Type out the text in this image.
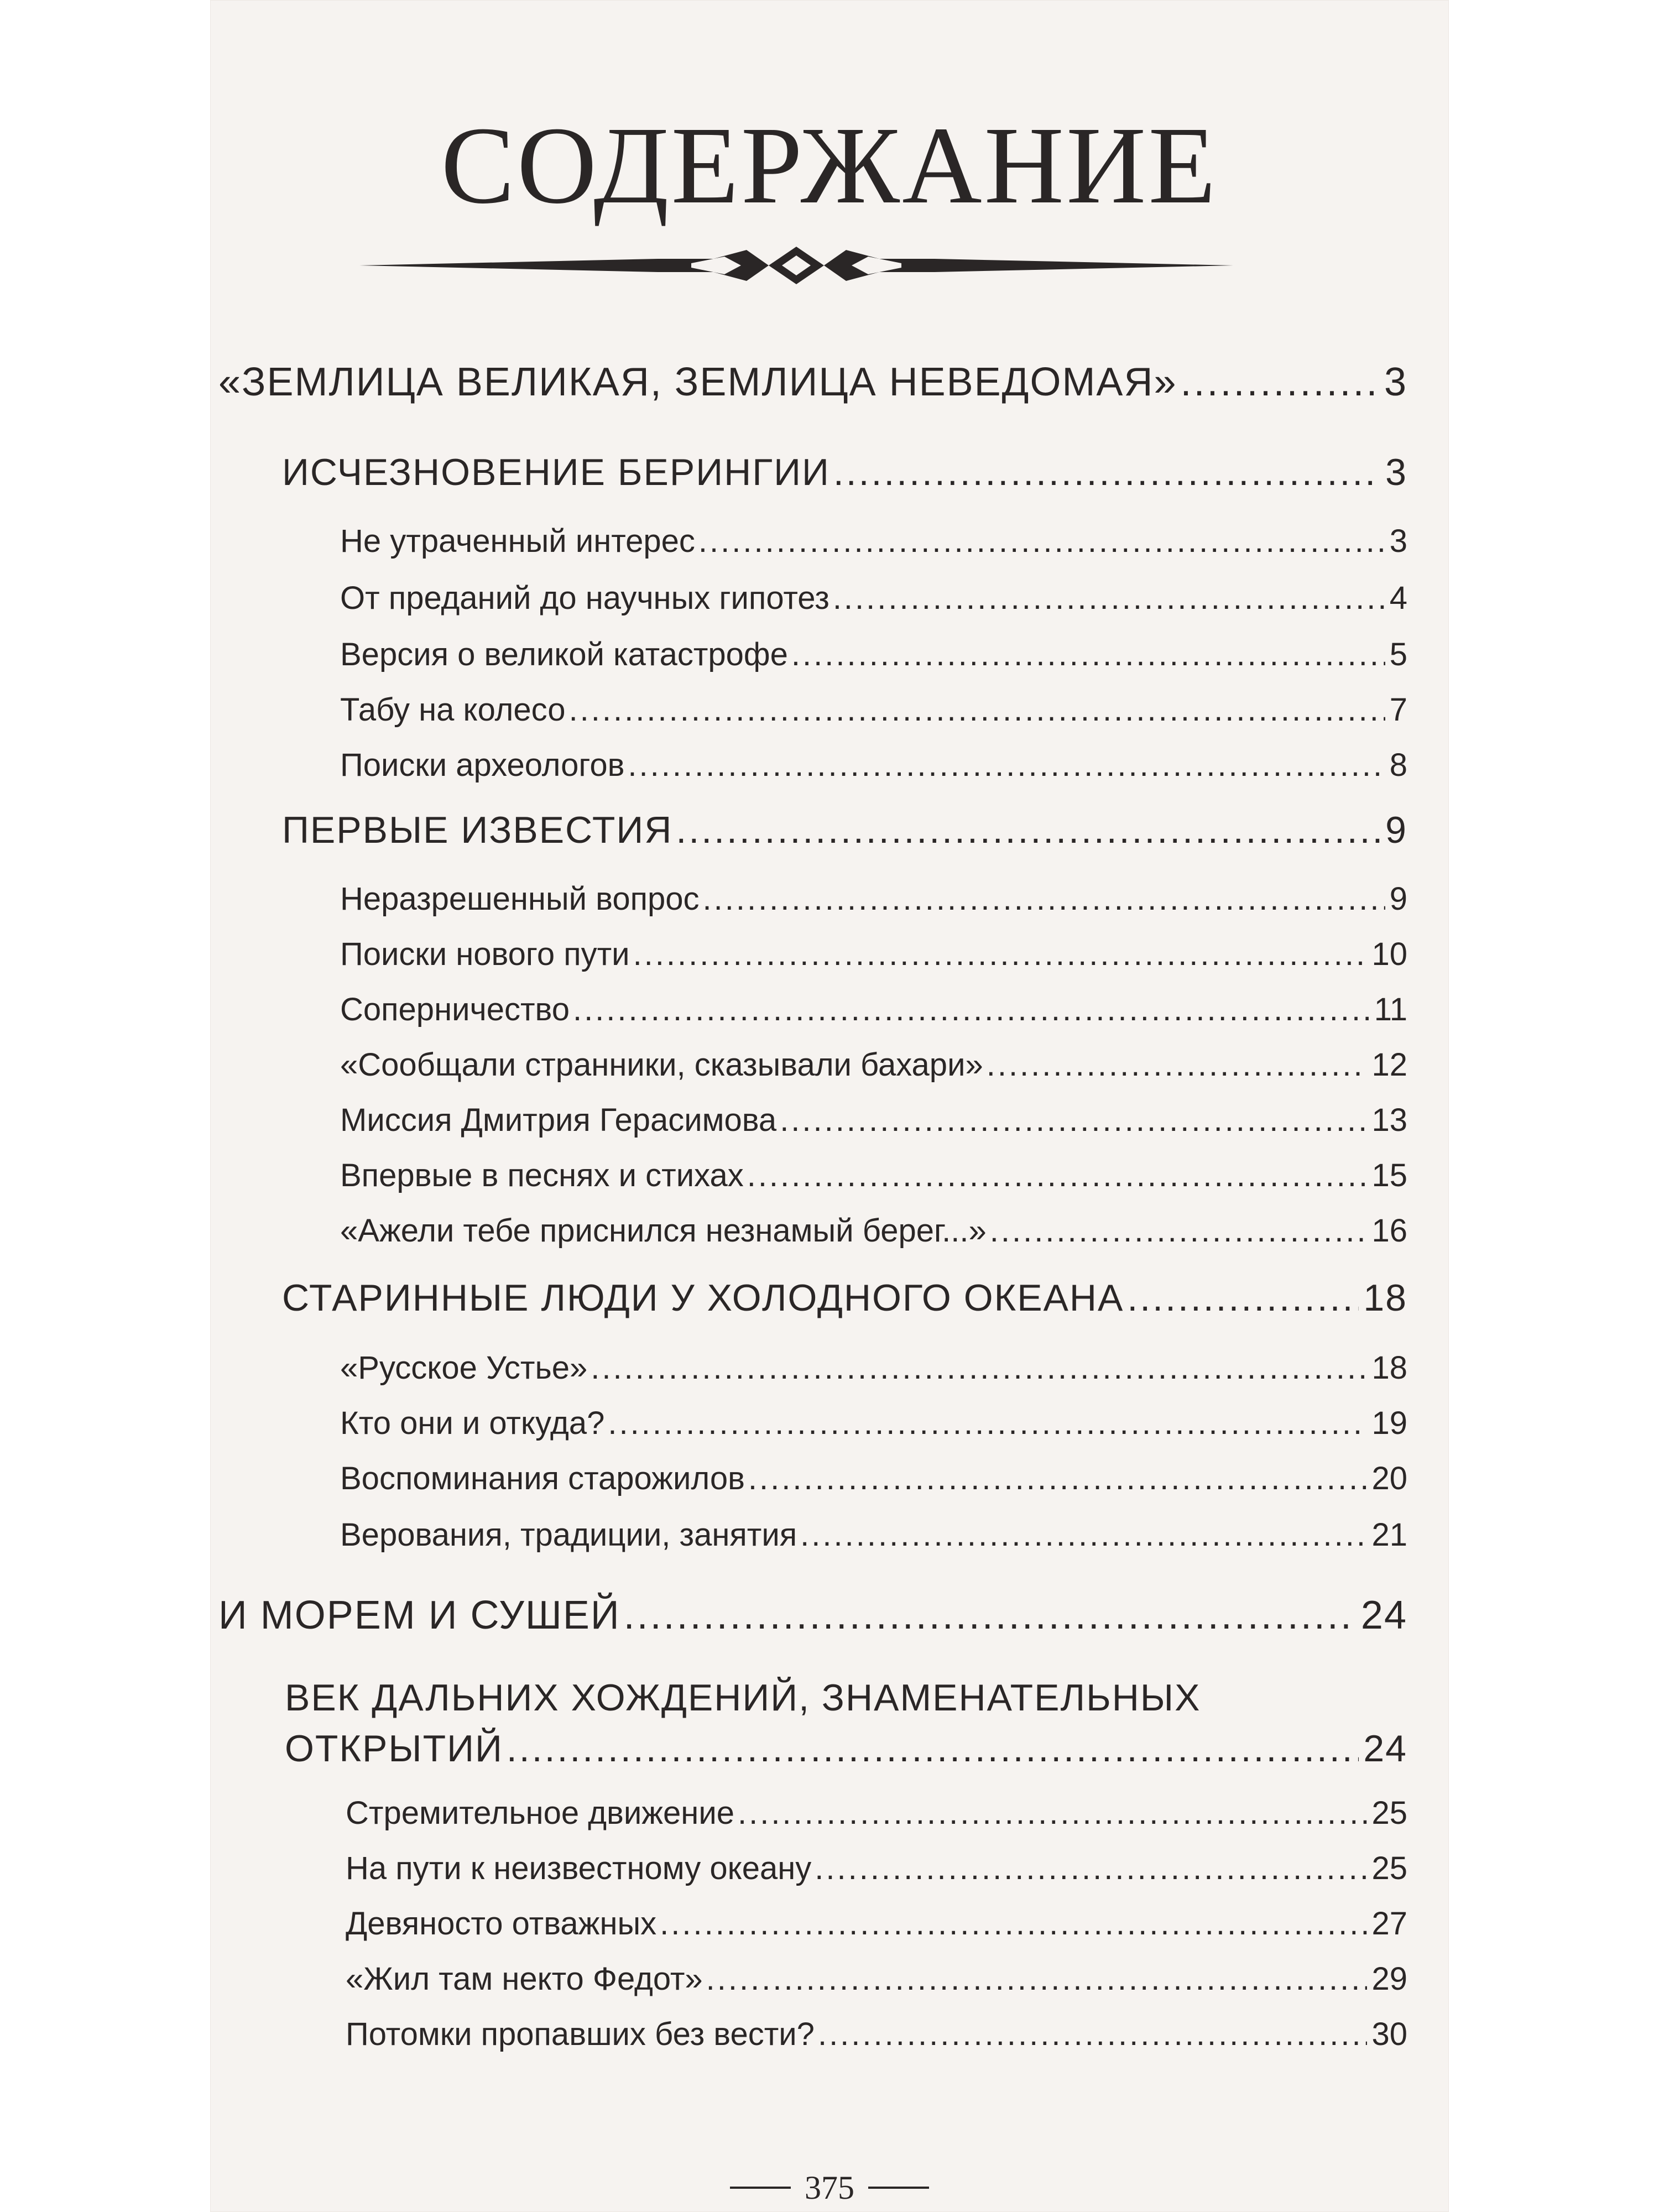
СОДЕРЖАНИЕ
«ЗЕМЛИЦА ВЕЛИКАЯ, ЗЕМЛИЦА НЕВЕДОМАЯ» .....	3
ИСЧЕЗНОВЕНИЕ БЕРИНГИИ .....	3
Не утраченный интерес .....	3
От преданий до научных гипотез .....	4
Версия о великой катастрофе .....	5
Табу на колесо .....	7
Поиски археологов .....	8
ПЕРВЫЕ ИЗВЕСТИЯ .....	9
Неразрешенный вопрос .....	9
Поиски нового пути .....	10
Соперничество .....	11
«Сообщали странники, сказывали бахари» .....	12
Миссия Дмитрия Герасимова .....	13
Впервые в песнях и стихах .....	15
«Ажели тебе приснился незнамый берег...» .....	16
СТАРИННЫЕ ЛЮДИ У ХОЛОДНОГО ОКЕАНА .....	18
«Русское Устье» .....	18
Кто они и откуда? .....	19
Воспоминания старожилов .....	20
Верования, традиции, занятия .....	21
И МОРЕМ И СУШЕЙ .....	24
ВЕК ДАЛЬНИХ ХОЖДЕНИЙ, ЗНАМЕНАТЕЛЬНЫХ
ОТКРЫТИЙ .....	24
Стремительное движение .....	25
На пути к неизвестному океану .....	25
Девяносто отважных .....	27
«Жил там некто Федот» .....	29
Потомки пропавших без вести? .....	30
375
